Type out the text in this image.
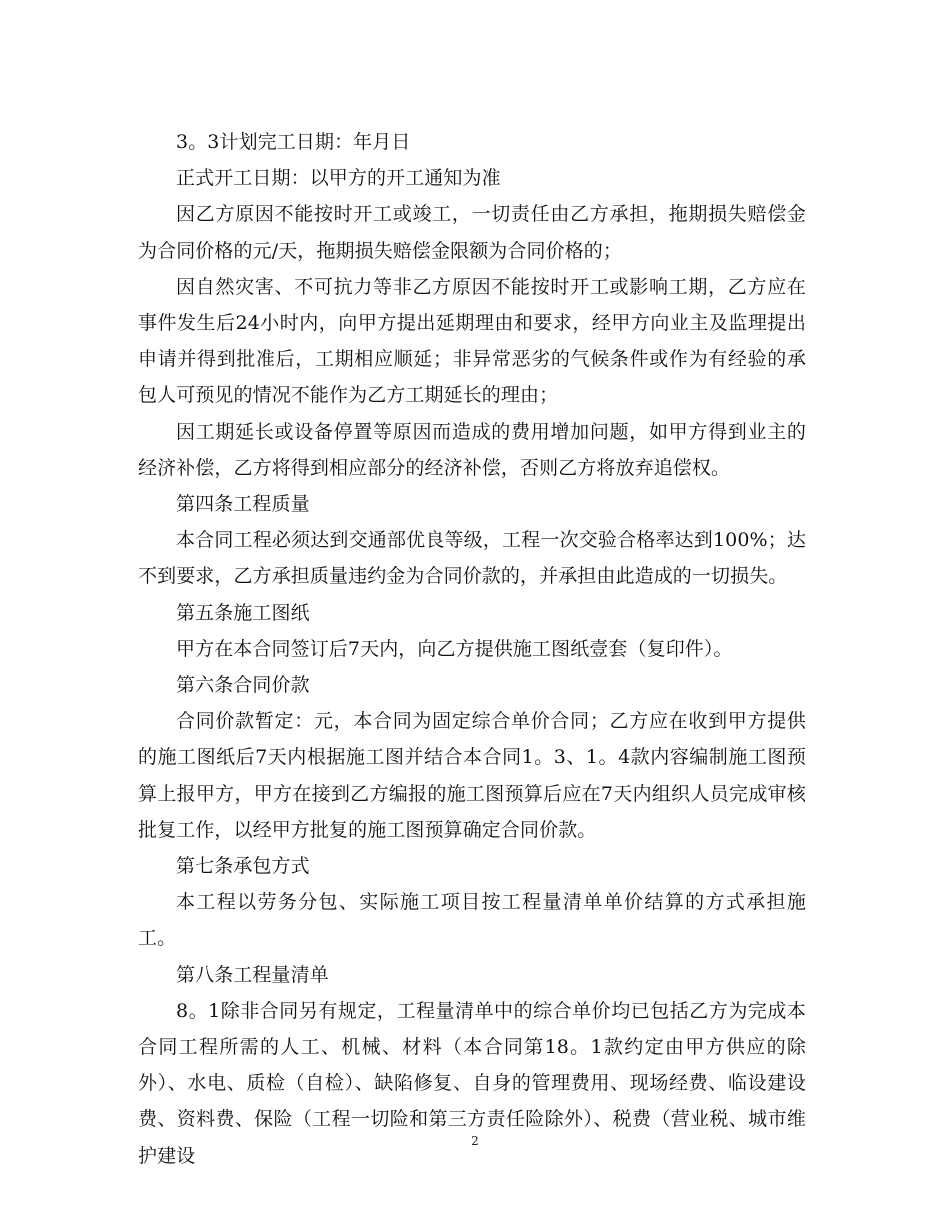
3。3计划完工日期：年月日

正式开工日期：以甲方的开工通知为准

因乙方原因不能按时开工或竣工，一切责任由乙方承担，拖期损失赔偿金为合同价格的元/天，拖期损失赔偿金限额为合同价格的；

因自然灾害、不可抗力等非乙方原因不能按时开工或影响工期，乙方应在事件发生后24小时内，向甲方提出延期理由和要求，经甲方向业主及监理提出申请并得到批准后，工期相应顺延；非异常恶劣的气候条件或作为有经验的承包人可预见的情况不能作为乙方工期延长的理由；

因工期延长或设备停置等原因而造成的费用增加问题，如甲方得到业主的经济补偿，乙方将得到相应部分的经济补偿，否则乙方将放弃追偿权。

第四条工程质量

本合同工程必须达到交通部优良等级，工程一次交验合格率达到100%；达不到要求，乙方承担质量违约金为合同价款的，并承担由此造成的一切损失。

第五条施工图纸

甲方在本合同签订后7天内，向乙方提供施工图纸壹套（复印件）。

第六条合同价款

合同价款暂定：元，本合同为固定综合单价合同；乙方应在收到甲方提供的施工图纸后7天内根据施工图并结合本合同1。3、1。4款内容编制施工图预算上报甲方，甲方在接到乙方编报的施工图预算后应在7天内组织人员完成审核批复工作，以经甲方批复的施工图预算确定合同价款。

第七条承包方式

本工程以劳务分包、实际施工项目按工程量清单单价结算的方式承担施工。

第八条工程量清单

8。1除非合同另有规定，工程量清单中的综合单价均已包括乙方为完成本合同工程所需的人工、机械、材料（本合同第18。1款约定由甲方供应的除外）、水电、质检（自检）、缺陷修复、自身的管理费用、现场经费、临设建设费、资料费、保险（工程一切险和第三方责任险除外）、税费（营业税、城市维护建设

2
